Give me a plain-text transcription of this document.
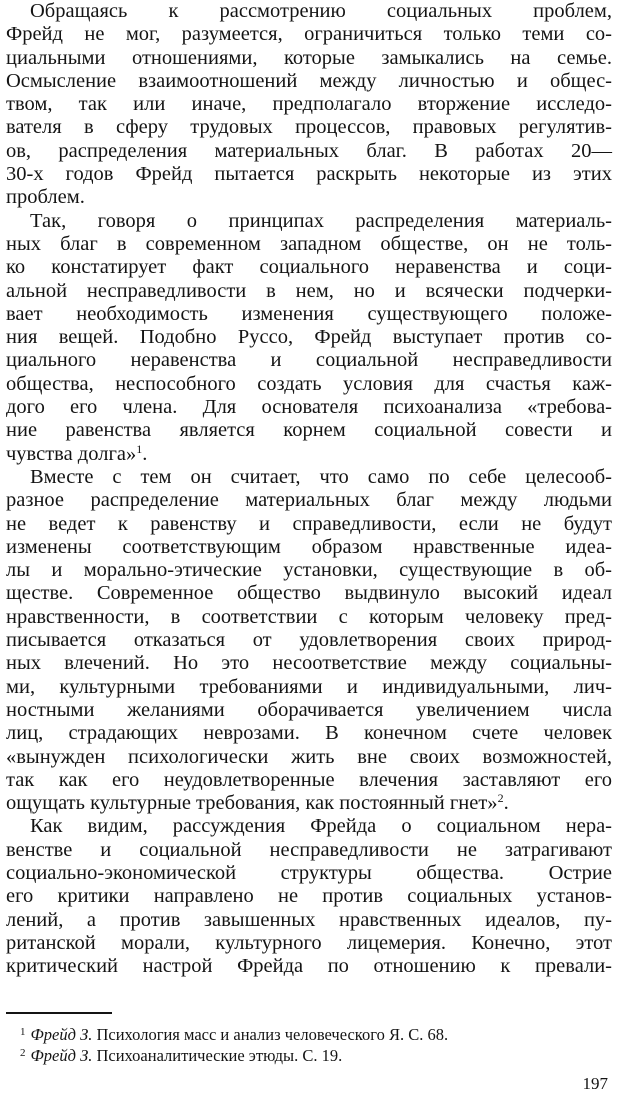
Обращаясь к рассмотрению социальных проблем,
Фрейд не мог, разумеется, ограничиться только теми со-
циальными отношениями, которые замыкались на семье.
Осмысление взаимоотношений между личностью и общес-
твом, так или иначе, предполагало вторжение исследо-
вателя в сферу трудовых процессов, правовых регулятив-
ов, распределения материальных благ. В работах 20—
30-х годов Фрейд пытается раскрыть некоторые из этих
проблем.
Так, говоря о принципах распределения материаль-
ных благ в современном западном обществе, он не толь-
ко констатирует факт социального неравенства и соци-
альной несправедливости в нем, но и всячески подчерки-
вает необходимость изменения существующего положе-
ния вещей. Подобно Руссо, Фрейд выступает против со-
циального неравенства и социальной несправедливости
общества, неспособного создать условия для счастья каж-
дого его члена. Для основателя психоанализа «требова-
ние равенства является корнем социальной совести и
чувства долга»$^1$.
Вместе с тем он считает, что само по себе целесооб-
разное распределение материальных благ между людьми
не ведет к равенству и справедливости, если не будут
изменены соответствующим образом нравственные идеа-
лы и морально-этические установки, существующие в об-
ществе. Современное общество выдвинуло высокий идеал
нравственности, в соответствии с которым человеку пред-
писывается отказаться от удовлетворения своих природ-
ных влечений. Но это несоответствие между социальны-
ми, культурными требованиями и индивидуальными, лич-
ностными желаниями оборачивается увеличением числа
лиц, страдающих неврозами. В конечном счете человек
«вынужден психологически жить вне своих возможностей,
так как его неудовлетворенные влечения заставляют его
ощущать культурные требования, как постоянный гнет»$^2$.
Как видим, рассуждения Фрейда о социальном нера-
венстве и социальной несправедливости не затрагивают
социально-экономической структуры общества. Острие
его критики направлено не против социальных установ-
лений, а против завышенных нравственных идеалов, пу-
ританской морали, культурного лицемерия. Конечно, этот
критический настрой Фрейда по отношению к превали-
$^1$ Фрейд З. Психология масс и анализ человеческого Я. С. 68.
$^2$ Фрейд З. Психоаналитические этюды. С. 19.
197
